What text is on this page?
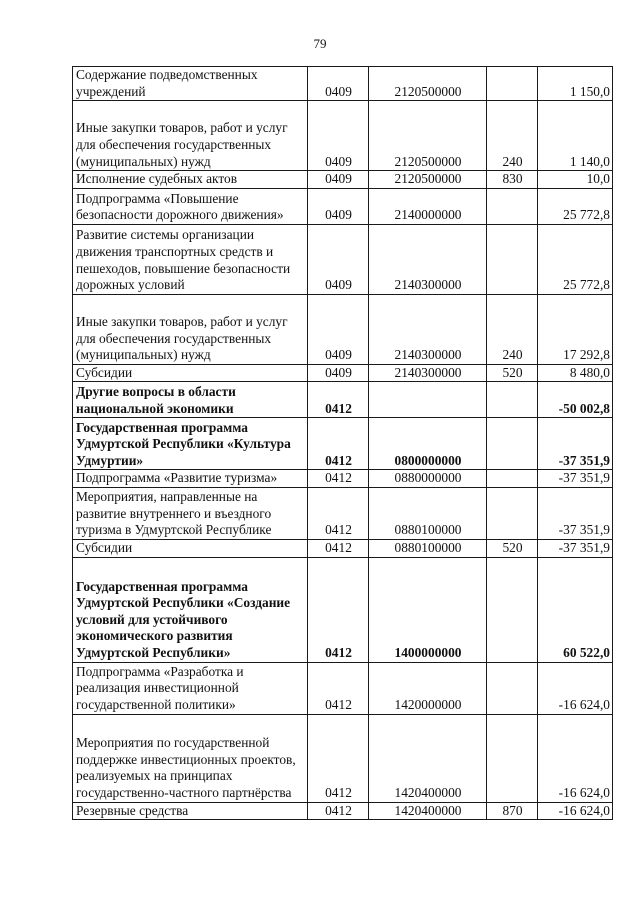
79
Содержание подведомственных учреждений	0409	2120500000		1 150,0
Иные закупки товаров, работ и услуг для обеспечения государственных (муниципальных) нужд	0409	2120500000	240	1 140,0
Исполнение судебных актов	0409	2120500000	830	10,0
Подпрограмма «Повышение безопасности дорожного движения»	0409	2140000000		25 772,8
Развитие системы организации движения транспортных средств и пешеходов, повышение безопасности дорожных условий	0409	2140300000		25 772,8
Иные закупки товаров, работ и услуг для обеспечения государственных (муниципальных) нужд	0409	2140300000	240	17 292,8
Субсидии	0409	2140300000	520	8 480,0
Другие вопросы в области национальной экономики	0412			-50 002,8
Государственная программа Удмуртской Республики «Культура Удмуртии»	0412	0800000000		-37 351,9
Подпрограмма «Развитие туризма»	0412	0880000000		-37 351,9
Мероприятия, направленные на развитие внутреннего и въездного туризма в Удмуртской Республике	0412	0880100000		-37 351,9
Субсидии	0412	0880100000	520	-37 351,9
Государственная программа Удмуртской Республики «Создание условий для устойчивого экономического развития Удмуртской Республики»	0412	1400000000		60 522,0
Подпрограмма «Разработка и реализация инвестиционной государственной политики»	0412	1420000000		-16 624,0
Мероприятия по государственной поддержке инвестиционных проектов, реализуемых на принципах государственно-частного партнёрства	0412	1420400000		-16 624,0
Резервные средства	0412	1420400000	870	-16 624,0
